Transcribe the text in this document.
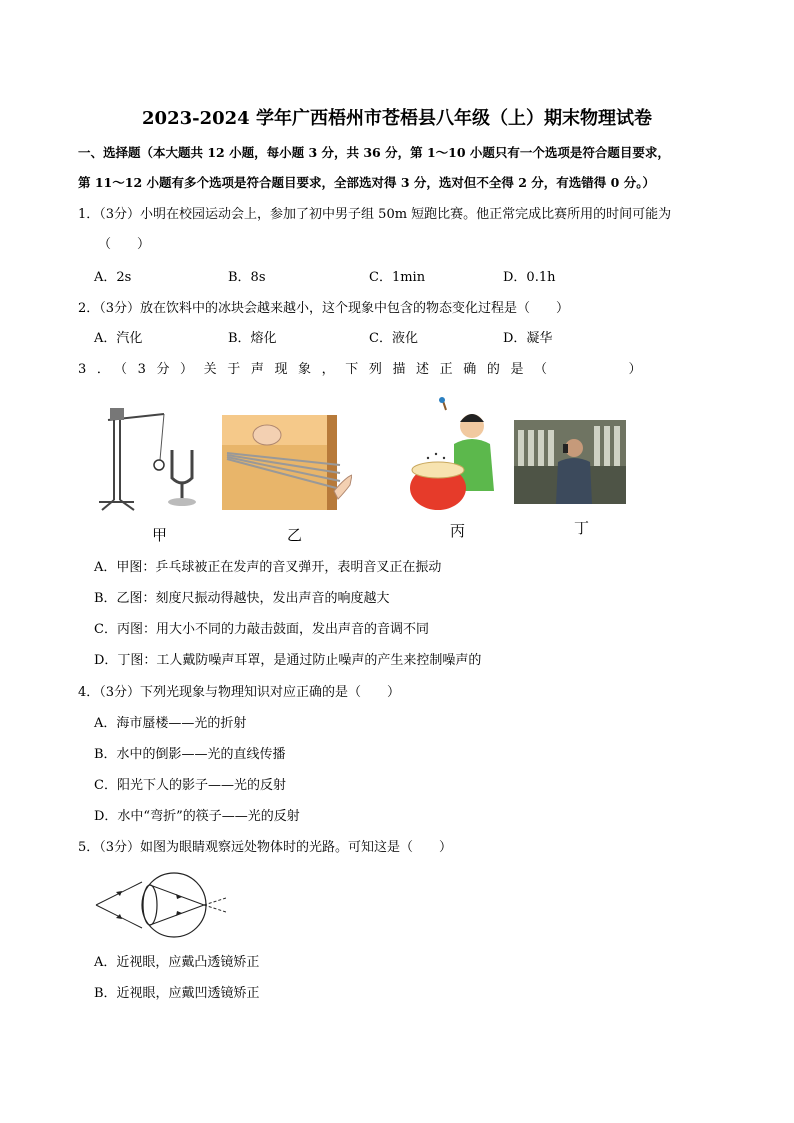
2023-2024 学年广西梧州市苍梧县八年级（上）期末物理试卷
一、选择题（本大题共 12 小题，每小题 3 分，共 36 分，第 1～10 小题只有一个选项是符合题目要求，
第 11～12 小题有多个选项是符合题目要求，全部选对得 3 分，选对但不全得 2 分，有选错得 0 分。）
1．（3分）小明在校园运动会上，参加了初中男子组 50m 短跑比赛。他正常完成比赛所用的时间可能为
（　　）
A．2s	B．8s	C．1min	D．0.1h
2．（3分）放在饮料中的冰块会越来越小，这个现象中包含的物态变化过程是（　　）
A．汽化	B．熔化	C．液化	D．凝华
3．（3分）关于声现象，下列描述正确的是（　　　）
甲	乙	丙	丁
A．甲图：乒乓球被正在发声的音叉弹开，表明音叉正在振动
B．乙图：刻度尺振动得越快，发出声音的响度越大
C．丙图：用大小不同的力敲击鼓面，发出声音的音调不同
D．丁图：工人戴防噪声耳罩，是通过防止噪声的产生来控制噪声的
4．（3分）下列光现象与物理知识对应正确的是（　　）
A．海市蜃楼——光的折射
B．水中的倒影——光的直线传播
C．阳光下人的影子——光的反射
D．水中“弯折”的筷子——光的反射
5．（3分）如图为眼睛观察远处物体时的光路。可知这是（　　）
A．近视眼，应戴凸透镜矫正
B．近视眼，应戴凹透镜矫正
